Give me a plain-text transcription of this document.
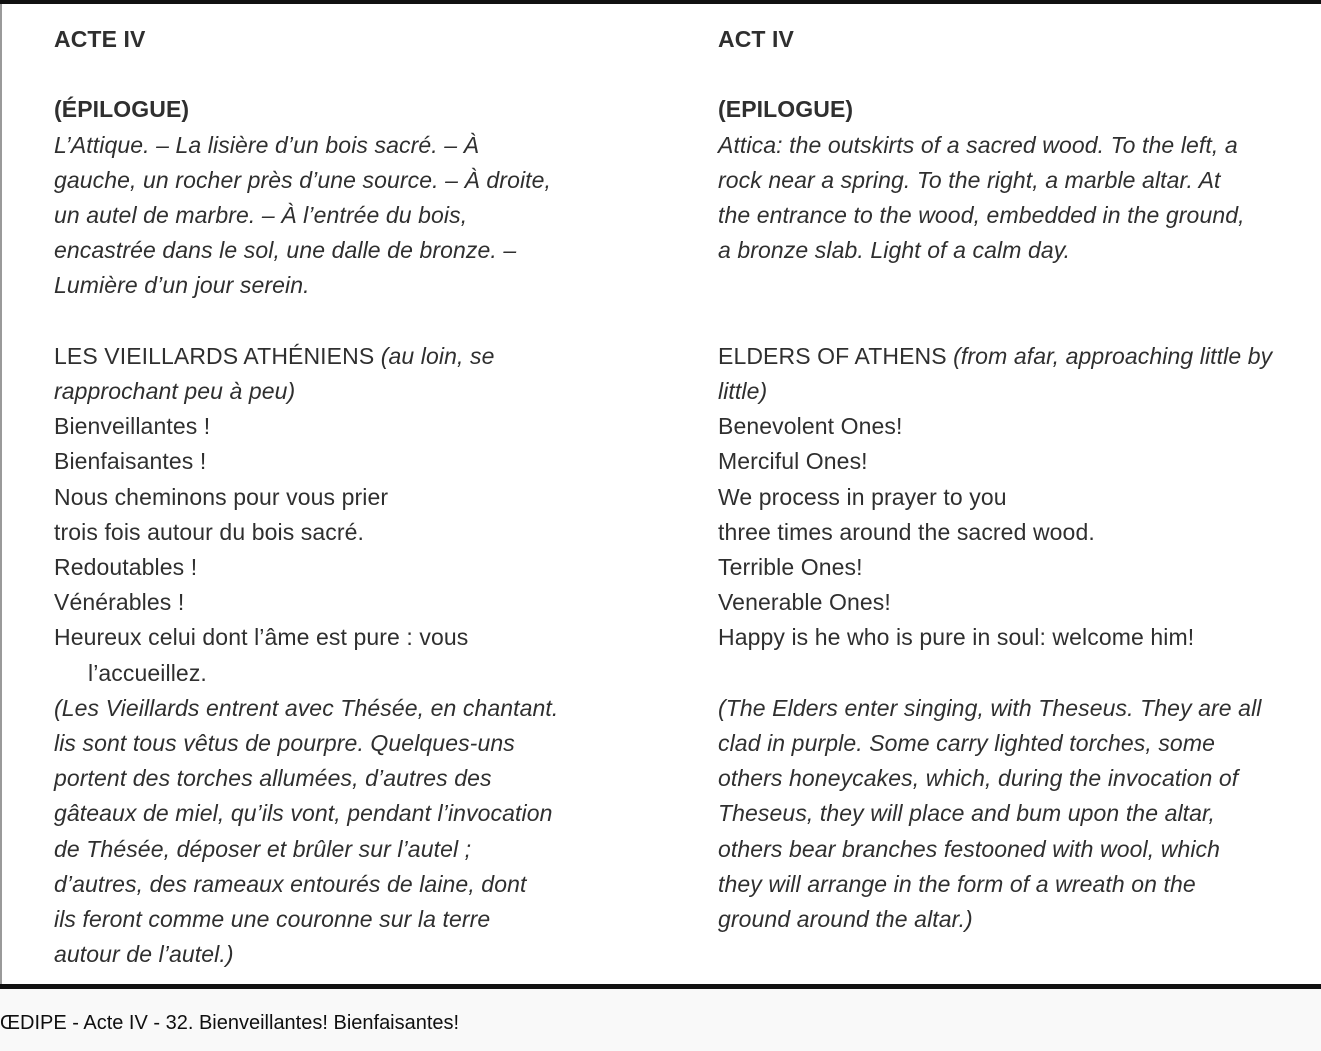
ACTE IV

(ÉPILOGUE)

L’Attique. – La lisière d’un bois sacré. – À

gauche, un rocher près d’une source. – À droite,

un autel de marbre. – À l’entrée du bois,

encastrée dans le sol, une dalle de bronze. –

Lumière d’un jour serein.

LES VIEILLARDS ATHÉNIENS (au loin, se

rapprochant peu à peu)

Bienveillantes !

Bienfaisantes !

Nous cheminons pour vous prier

trois fois autour du bois sacré.

Redoutables !

Vénérables !

Heureux celui dont l’âme est pure : vous

l’accueillez.

(Les Vieillards entrent avec Thésée, en chantant.

lis sont tous vêtus de pourpre. Quelques-uns

portent des torches allumées, d’autres des

gâteaux de miel, qu’ils vont, pendant l’invocation

de Thésée, déposer et brûler sur l’autel ;

d’autres, des rameaux entourés de laine, dont

ils feront comme une couronne sur la terre

autour de l’autel.)

ACT IV

(EPILOGUE)

Attica: the outskirts of a sacred wood. To the left, a

rock near a spring. To the right, a marble altar. At

the entrance to the wood, embedded in the ground,

a bronze slab. Light of a calm day.

ELDERS OF ATHENS (from afar, approaching little by

little)

Benevolent Ones!

Merciful Ones!

We process in prayer to you

three times around the sacred wood.

Terrible Ones!

Venerable Ones!

Happy is he who is pure in soul: welcome him!

(The Elders enter singing, with Theseus. They are all

clad in purple. Some carry lighted torches, some

others honeycakes, which, during the invocation of

Theseus, they will place and bum upon the altar,

others bear branches festooned with wool, which

they will arrange in the form of a wreath on the

ground around the altar.)

ŒDIPE - Acte IV - 32. Bienveillantes! Bienfaisantes!
